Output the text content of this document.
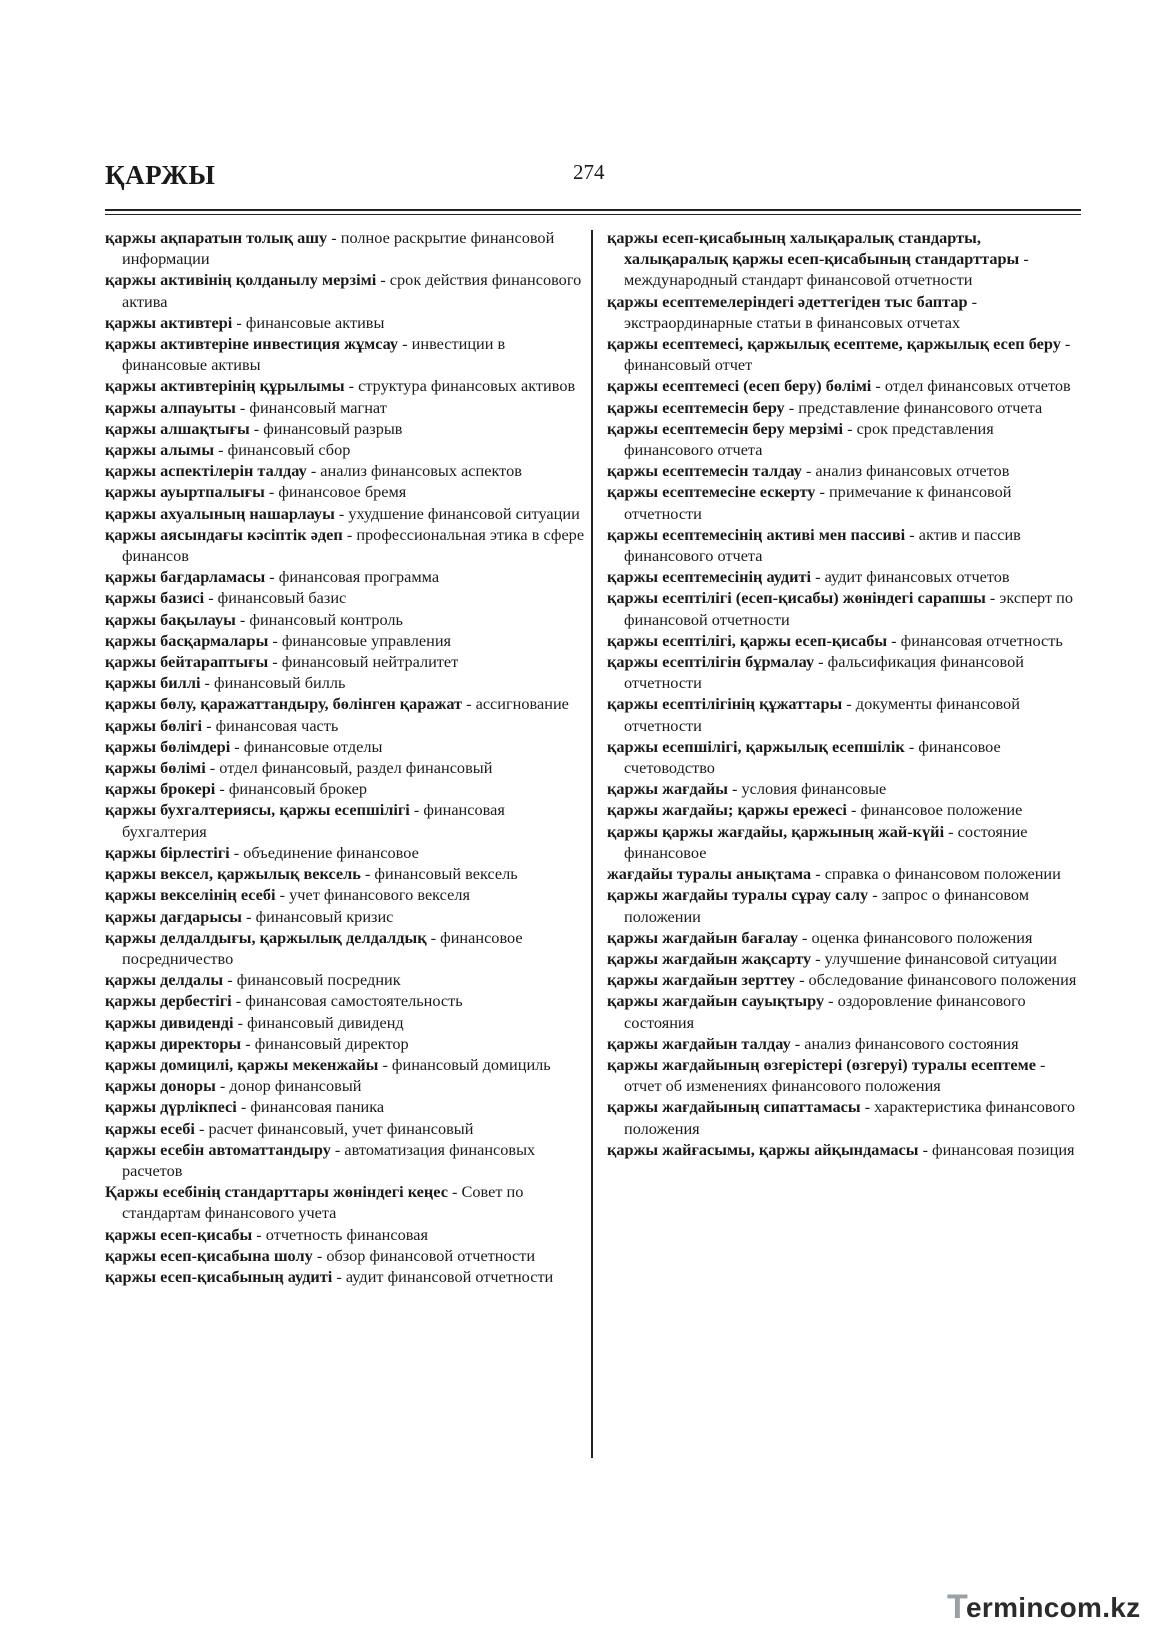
ҚАРЖЫ	274

қаржы ақпаратын толық ашу - полное раскрытие финансовой информации

қаржы активінің қолданылу мерзімі - срок действия финансового актива

қаржы активтері - финансовые активы

қаржы активтеріне инвестиция жұмсау - инвестиции в финансовые активы

қаржы активтерінің құрылымы - структура финансовых активов

қаржы алпауыты - финансовый магнат

қаржы алшақтығы - финансовый разрыв

қаржы алымы - финансовый сбор

қаржы аспектілерін талдау - анализ финансовых аспектов

қаржы ауыртпалығы - финансовое бремя

қаржы ахуалының нашарлауы - ухудшение финансовой ситуации

қаржы аясындағы кәсіптік әдеп - профессиональная этика в сфере финансов

қаржы бағдарламасы - финансовая программа

қаржы базисі - финансовый базис

қаржы бақылауы - финансовый контроль

қаржы басқармалары - финансовые управления

қаржы бейтараптығы - финансовый нейтралитет

қаржы биллі - финансовый билль

қаржы бөлу, қаражаттандыру, бөлінген қаражат - ассигнование

қаржы бөлігі - финансовая часть

қаржы бөлімдері - финансовые отделы

қаржы бөлімі - отдел финансовый, раздел финансовый

қаржы брокері - финансовый брокер

қаржы бухгалтериясы, қаржы есепшілігі - финансовая бухгалтерия

қаржы бірлестігі - объединение финансовое

қаржы вексел, қаржылық вексель - финансовый вексель

қаржы векселінің есебі - учет финансового векселя

қаржы дағдарысы - финансовый кризис

қаржы делдалдығы, қаржылық делдалдық - финансовое посредничество

қаржы делдалы - финансовый посредник

қаржы дербестігі - финансовая самостоятельность

қаржы дивиденді - финансовый дивиденд

қаржы директоры - финансовый директор

қаржы домицилі, қаржы мекенжайы - финансовый домициль

қаржы доноры - донор финансовый

қаржы дүрлікпесі - финансовая паника

қаржы есебі - расчет финансовый, учет финансовый

қаржы есебін автоматтандыру - автоматизация финансовых расчетов

Қаржы есебінің стандарттары жөніндегі кеңес - Совет по стандартам финансового учета

қаржы есеп-қисабы - отчетность финансовая

қаржы есеп-қисабына шолу - обзор финансовой отчетности

қаржы есеп-қисабының аудиті - аудит финансовой отчетности

қаржы есеп-қисабының халықаралық стандарты, халықаралық қаржы есеп-қисабының стандарттары - международный стандарт финансовой отчетности

қаржы есептемелеріндегі әдеттегіден тыс баптар - экстраординарные статьи в финансовых отчетах

қаржы есептемесі, қаржылық есептеме, қаржылық есеп беру - финансовый отчет

қаржы есептемесі (есеп беру) бөлімі - отдел финансовых отчетов

қаржы есептемесін беру - представление финансового отчета

қаржы есептемесін беру мерзімі - срок представления финансового отчета

қаржы есептемесін талдау - анализ финансовых отчетов

қаржы есептемесіне ескерту - примечание к финансовой отчетности

қаржы есептемесінің активі мен пассиві - актив и пассив финансового отчета

қаржы есептемесінің аудиті - аудит финансовых отчетов

қаржы есептілігі (есеп-қисабы) жөніндегі сарапшы - эксперт по финансовой отчетности

қаржы есептілігі, қаржы есеп-қисабы - финансовая отчетность

қаржы есептілігін бұрмалау - фальсификация финансовой отчетности

қаржы есептілігінің құжаттары - документы финансовой отчетности

қаржы есепшілігі, қаржылық есепшілік - финансовое счетоводство

қаржы жағдайы - условия финансовые

қаржы жағдайы; қаржы ережесі - финансовое положение

қаржы қаржы жағдайы, қаржының жай-күйі - состояние финансовое

жағдайы туралы анықтама - справка о финансовом положении

қаржы жағдайы туралы сұрау салу - запрос о финансовом положении

қаржы жағдайын бағалау - оценка финансового положения

қаржы жағдайын жақсарту - улучшение финансовой ситуации

қаржы жағдайын зерттеу - обследование финансового положения

қаржы жағдайын сауықтыру - оздоровление финансового состояния

қаржы жағдайын талдау - анализ финансового состояния

қаржы жағдайының өзгерістері (өзгеруі) туралы есептеме - отчет об изменениях финансового положения

қаржы жағдайының сипаттамасы - характеристика финансового положения

қаржы жайғасымы, қаржы айқындамасы - финансовая позиция

T
ermincom.kz
